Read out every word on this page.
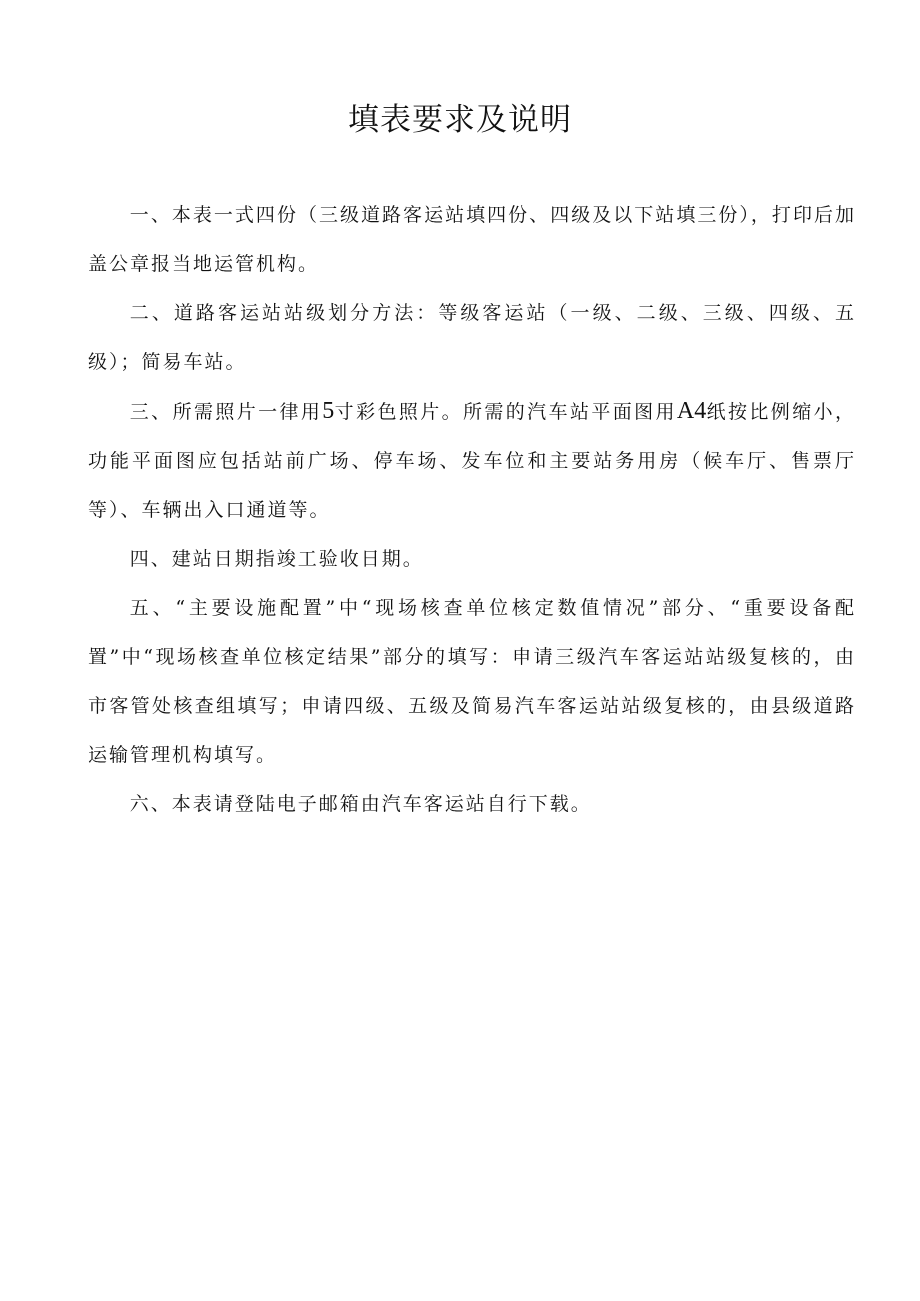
填表要求及说明

一、本表一式四份（三级道路客运站填四份、四级及以下站填三份），打印后加盖公章报当地运管机构。

二、道路客运站站级划分方法：等级客运站（一级、二级、三级、四级、五级）；简易车站。

三、所需照片一律用5寸彩色照片。所需的汽车站平面图用A4纸按比例缩小，功能平面图应包括站前广场、停车场、发车位和主要站务用房（候车厅、售票厅等）、车辆出入口通道等。

四、建站日期指竣工验收日期。

五、“主要设施配置”中“现场核查单位核定数值情况”部分、“重要设备配置”中“现场核查单位核定结果”部分的填写：申请三级汽车客运站站级复核的，由市客管处核查组填写；申请四级、五级及简易汽车客运站站级复核的，由县级道路运输管理机构填写。

六、本表请登陆电子邮箱由汽车客运站自行下载。
